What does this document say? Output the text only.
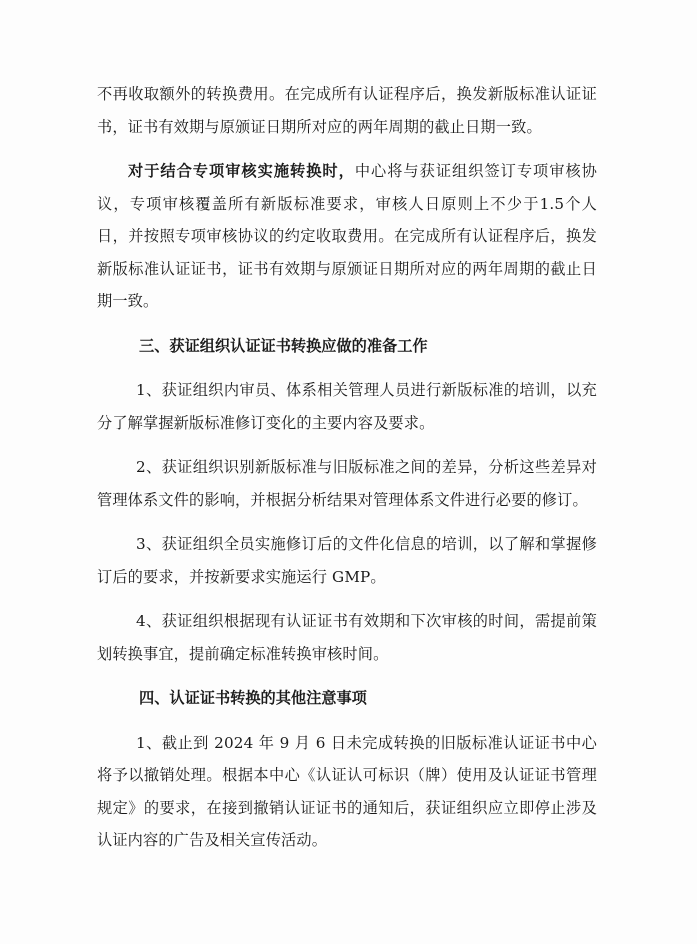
不再收取额外的转换费用。在完成所有认证程序后，换发新版标准认证证书，证书有效期与原颁证日期所对应的两年周期的截止日期一致。

对于结合专项审核实施转换时，中心将与获证组织签订专项审核协议，专项审核覆盖所有新版标准要求，审核人日原则上不少于1.5个人日，并按照专项审核协议的约定收取费用。在完成所有认证程序后，换发新版标准认证证书，证书有效期与原颁证日期所对应的两年周期的截止日期一致。

三、获证组织认证证书转换应做的准备工作

1、获证组织内审员、体系相关管理人员进行新版标准的培训，以充分了解掌握新版标准修订变化的主要内容及要求。

2、获证组织识别新版标准与旧版标准之间的差异，分析这些差异对管理体系文件的影响，并根据分析结果对管理体系文件进行必要的修订。

3、获证组织全员实施修订后的文件化信息的培训，以了解和掌握修订后的要求，并按新要求实施运行 GMP。

4、获证组织根据现有认证证书有效期和下次审核的时间，需提前策划转换事宜，提前确定标准转换审核时间。

四、认证证书转换的其他注意事项

1、截止到 2024 年 9 月 6 日未完成转换的旧版标准认证证书中心将予以撤销处理。根据本中心《认证认可标识（牌）使用及认证证书管理规定》的要求，在接到撤销认证证书的通知后，获证组织应立即停止涉及认证内容的广告及相关宣传活动。
